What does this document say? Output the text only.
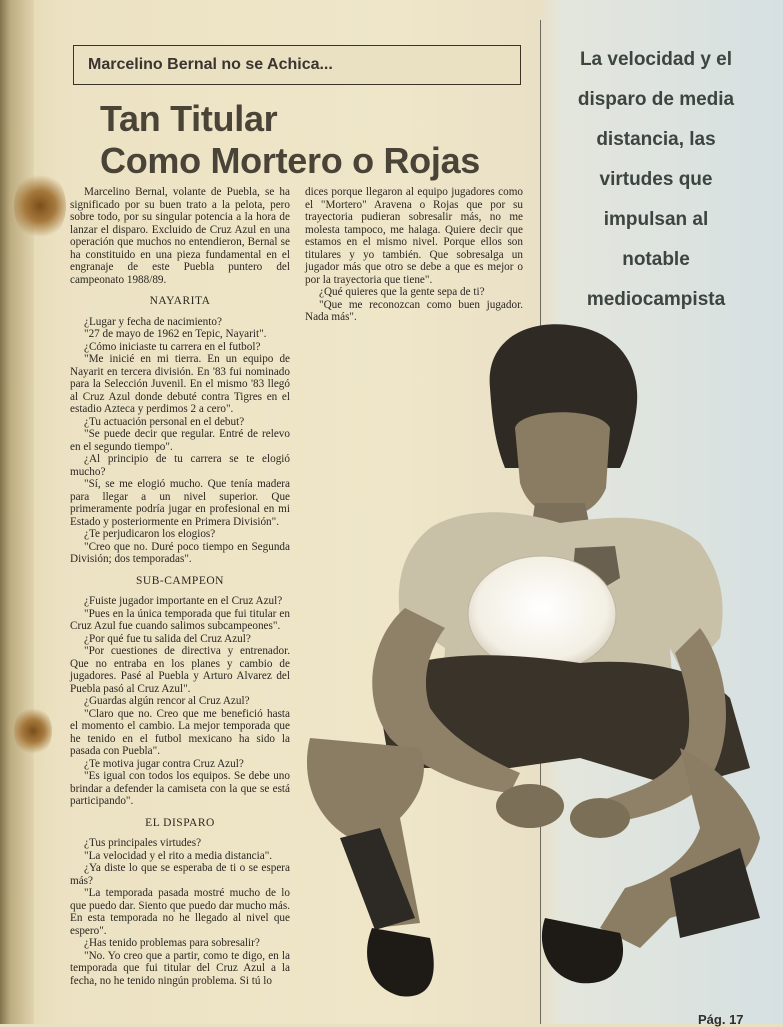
Marcelino Bernal no se Achica...
Tan Titular
Como Mortero o Rojas

Marcelino Bernal, volante de Puebla, se ha significado por su buen trato a la pelota, pero sobre todo, por su singular potencia a la hora de lanzar el disparo. Excluido de Cruz Azul en una operación que muchos no entendieron, Bernal se ha constituido en una pieza fundamental en el engranaje de este Puebla puntero del campeonato 1988/89.

NAYARITA

¿Lugar y fecha de nacimiento?

"27 de mayo de 1962 en Tepic, Nayarit".

¿Cómo iniciaste tu carrera en el futbol?

"Me inicié en mi tierra. En un equipo de Nayarit en tercera división. En '83 fui nominado para la Selección Juvenil. En el mismo '83 llegó al Cruz Azul donde debuté contra Tigres en el estadio Azteca y perdimos 2 a cero".

¿Tu actuación personal en el debut?

"Se puede decir que regular. Entré de relevo en el segundo tiempo".

¿Al principio de tu carrera se te elogió mucho?

"Sí, se me elogió mucho. Que tenía madera para llegar a un nivel superior. Que primeramente podría jugar en profesional en mi Estado y posteriormente en Primera División".

¿Te perjudicaron los elogios?

"Creo que no. Duré poco tiempo en Segunda División; dos temporadas".

SUB-CAMPEON

¿Fuiste jugador importante en el Cruz Azul?

"Pues en la única temporada que fui titular en Cruz Azul fue cuando salimos subcampeones".

¿Por qué fue tu salida del Cruz Azul?

"Por cuestiones de directiva y entrenador. Que no entraba en los planes y cambio de jugadores. Pasé al Puebla y Arturo Alvarez del Puebla pasó al Cruz Azul".

¿Guardas algún rencor al Cruz Azul?

"Claro que no. Creo que me benefició hasta el momento el cambio. La mejor temporada que he tenido en el futbol mexicano ha sido la pasada con Puebla".

¿Te motiva jugar contra Cruz Azul?

"Es igual con todos los equipos. Se debe uno brindar a defender la camiseta con la que se está participando".

EL DISPARO

¿Tus principales virtudes?

"La velocidad y el rito a media distancia".

¿Ya diste lo que se esperaba de ti o se espera más?

"La temporada pasada mostré mucho de lo que puedo dar. Siento que puedo dar mucho más. En esta temporada no he llegado al nivel que espero".

¿Has tenido problemas para sobresalir?

"No. Yo creo que a partir, como te digo, en la temporada que fui titular del Cruz Azul a la fecha, no he tenido ningún problema. Si tú lo

dices porque llegaron al equipo jugadores como el "Mortero" Aravena o Rojas que por su trayectoria pudieran sobresalir más, no me molesta tampoco, me halaga. Quiere decir que estamos en el mismo nivel. Porque ellos son titulares y yo también. Que sobresalga un jugador más que otro se debe a que es mejor o por la trayectoria que tiene".

¿Qué quieres que la gente sepa de ti?

"Que me reconozcan como buen jugador. Nada más".

La velocidad y el
disparo de media
distancia, las
virtudes que
impulsan al
notable
mediocampista
Pág. 17
